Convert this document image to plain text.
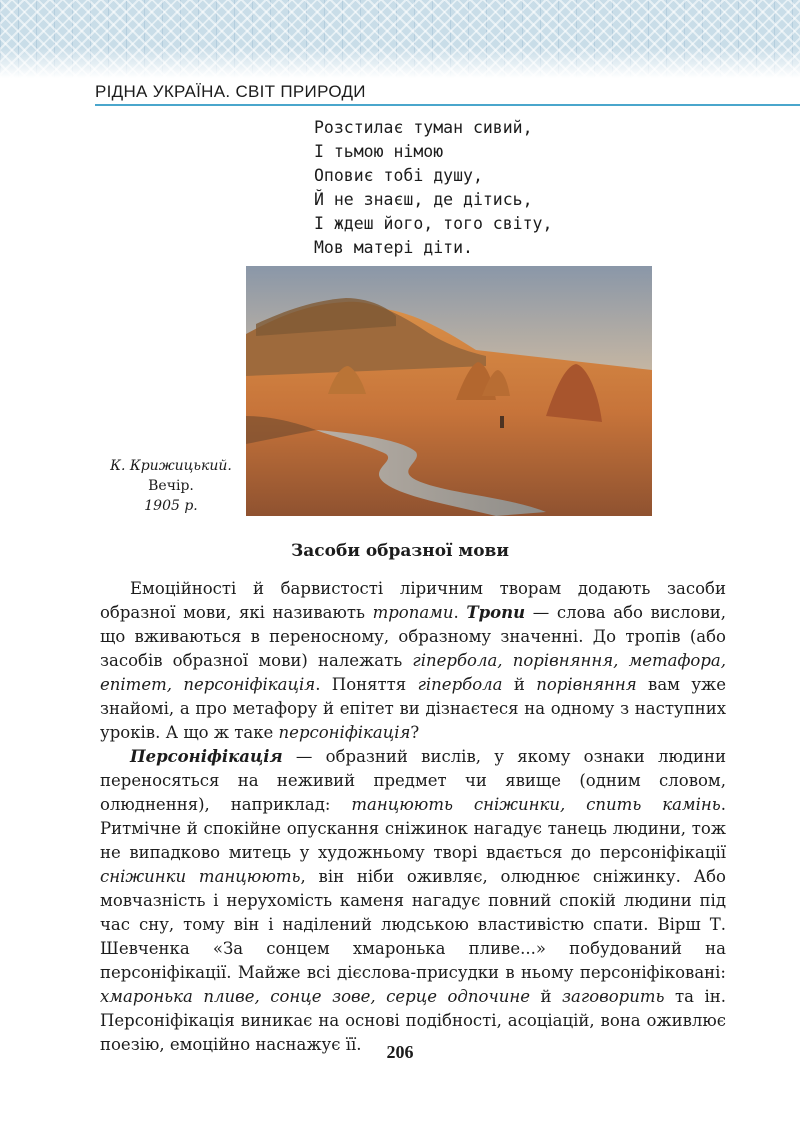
РІДНА УКРАЇНА. СВІТ ПРИРОДИ
Розстилає туман сивий,
І тьмою німою
Оповиє тобі душу,
Й не знаєш, де дітись,
І ждеш його, того світу,
Мов матері діти.
К. Крижицький.
Вечір.
1905 р.
Засоби образної мови

Емоційності й барвистості ліричним творам додають засоби образної мови, які називають тропами. Тропи — слова або вислови, що вживаються в переносному, образному значенні. До тропів (або засобів образної мови) належать гіпербола, порівняння, метафора, епітет, персоніфікація. Поняття гіпербола й порівняння вам уже знайомі, а про метафору й епітет ви дізнаєтеся на одному з наступних уроків. А що ж таке персоніфікація?

Персоніфікація — образний вислів, у якому ознаки людини переносяться на неживий предмет чи явище (одним словом, олюднення), наприклад: танцюють сніжинки, спить камінь. Ритмічне й спокійне опускання сніжинок нагадує танець людини, тож не випадково митець у художньому творі вдається до персоніфікації сніжинки танцюють, він ніби оживляє, олюднює сніжинку. Або мовчазність і нерухомість каменя нагадує повний спокій людини під час сну, тому він і наділений людською властивістю спати. Вірш Т. Шевченка «За сонцем хмаронька пливе...» побудований на персоніфікації. Майже всі дієслова-присудки в ньому персоніфіковані: хмаронька пливе, сонце зове, серце одпочине й заговорить та ін. Персоніфікація виникає на основі подібності, асоціацій, вона оживлює поезію, емоційно наснажує її.	206
